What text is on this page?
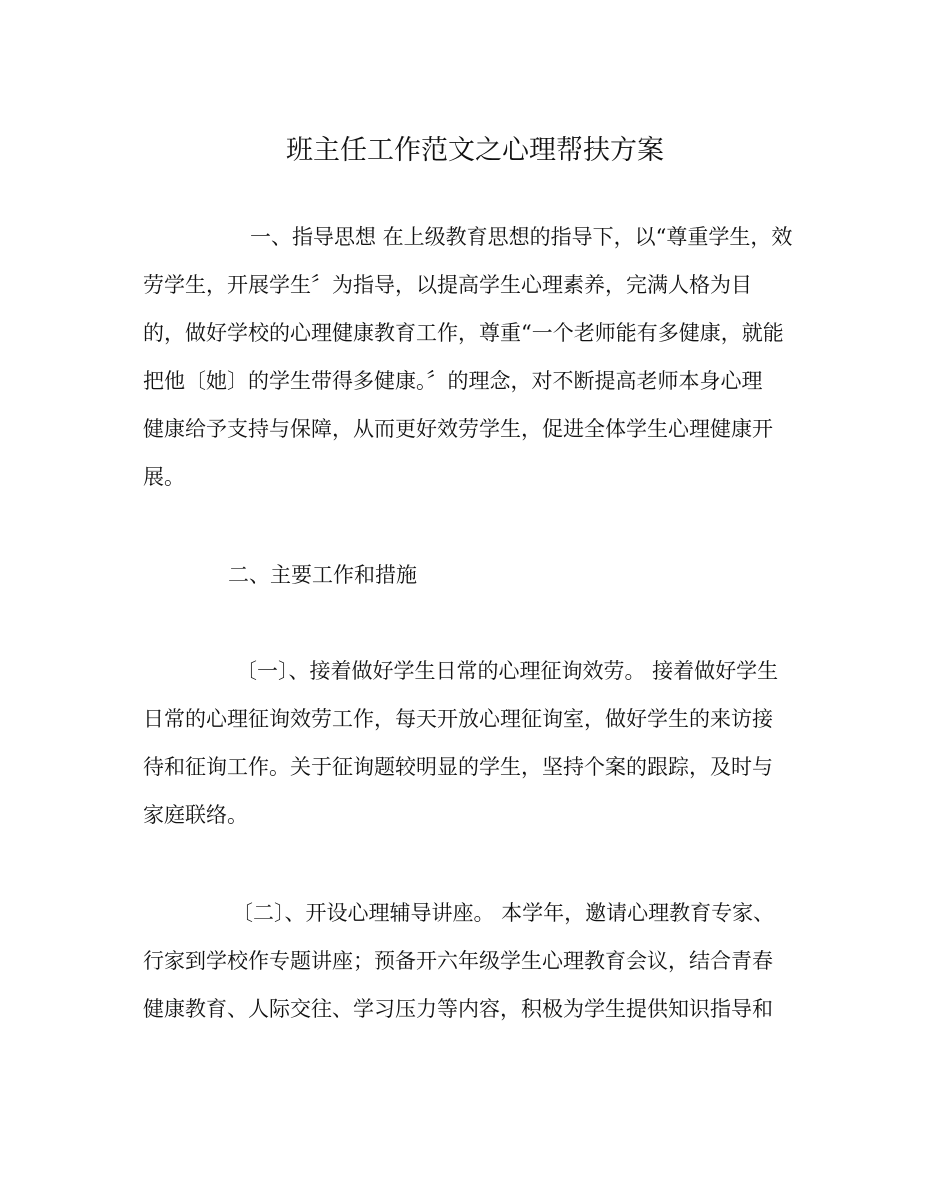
班主任工作范文之心理帮扶方案
一、指导思想 在上级教育思想的指导下，以“尊重学生，效
劳学生，开展学生〞为指导，以提高学生心理素养，完满人格为目
的，做好学校的心理健康教育工作，尊重“一个老师能有多健康，就能
把他〔她〕的学生带得多健康。〞的理念，对不断提高老师本身心理
健康给予支持与保障，从而更好效劳学生，促进全体学生心理健康开
展。
二、主要工作和措施
〔一〕、接着做好学生日常的心理征询效劳。 接着做好学生
日常的心理征询效劳工作，每天开放心理征询室，做好学生的来访接
待和征询工作。关于征询题较明显的学生，坚持个案的跟踪，及时与
家庭联络。
〔二〕、开设心理辅导讲座。 本学年，邀请心理教育专家、
行家到学校作专题讲座；预备开六年级学生心理教育会议，结合青春
健康教育、人际交往、学习压力等内容，积极为学生提供知识指导和
